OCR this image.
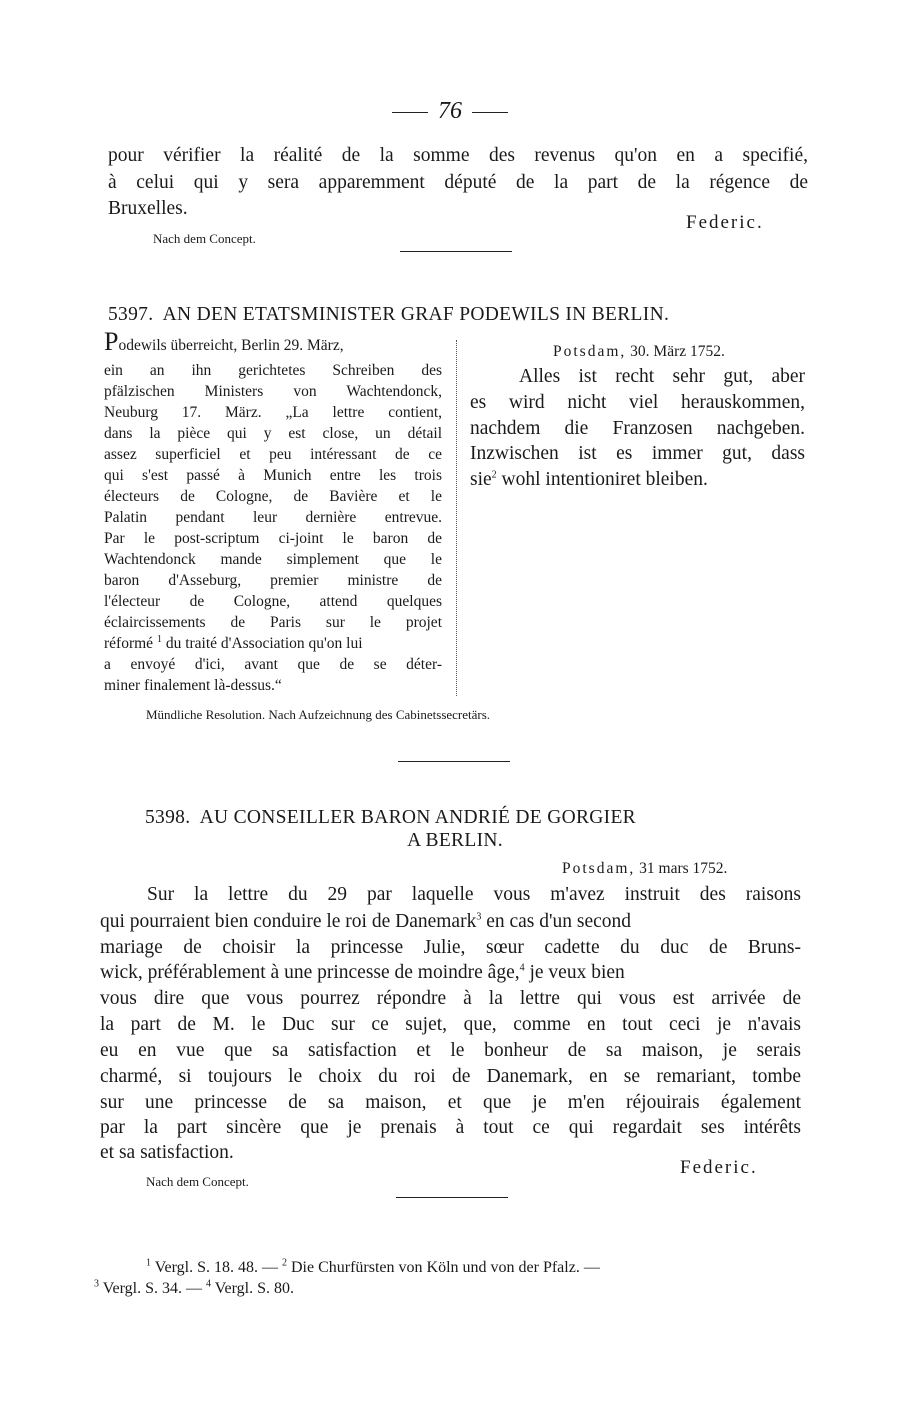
76
pour vérifier la réalité de la somme des revenus qu'on en a specifié,
à celui qui y sera apparemment député de la part de la régence de
Bruxelles.
Federic.
Nach dem Concept.
5397. AN DEN ETATSMINISTER GRAF PODEWILS IN BERLIN.
Podewils überreicht, Berlin 29. März,
ein an ihn gerichtetes Schreiben des
pfälzischen Ministers von Wachtendonck,
Neuburg 17. März. „La lettre contient,
dans la pièce qui y est close, un détail
assez superficiel et peu intéressant de ce
qui s'est passé à Munich entre les trois
électeurs de Cologne, de Bavière et le
Palatin pendant leur dernière entrevue.
Par le post-scriptum ci-joint le baron de
Wachtendonck mande simplement que le
baron d'Asseburg, premier ministre de
l'électeur de Cologne, attend quelques
éclaircissements de Paris sur le projet
réformé $^1$ du traité d'Association qu'on lui
a envoyé d'ici, avant que de se déter-
miner finalement là-dessus.“
Potsdam, 30. März 1752.
Alles ist recht sehr gut, aber
es wird nicht viel herauskommen,
nachdem die Franzosen nachgeben.
Inzwischen ist es immer gut, dass
sie$^2$ wohl intentioniret bleiben.
Mündliche Resolution. Nach Aufzeichnung des Cabinetssecretärs.
5398. AU CONSEILLER BARON ANDRIÉ DE GORGIER
A BERLIN.
Potsdam, 31 mars 1752.
Sur la lettre du 29 par laquelle vous m'avez instruit des raisons
qui pourraient bien conduire le roi de Danemark$^3$ en cas d'un second
mariage de choisir la princesse Julie, sœur cadette du duc de Bruns-
wick, préférablement à une princesse de moindre âge,$^4$ je veux bien
vous dire que vous pourrez répondre à la lettre qui vous est arrivée de
la part de M. le Duc sur ce sujet, que, comme en tout ceci je n'avais
eu en vue que sa satisfaction et le bonheur de sa maison, je serais
charmé, si toujours le choix du roi de Danemark, en se remariant, tombe
sur une princesse de sa maison, et que je m'en réjouirais également
par la part sincère que je prenais à tout ce qui regardait ses intérêts
et sa satisfaction.
Federic.
Nach dem Concept.
$^1$ Vergl. S. 18. 48. — $^2$ Die Churfürsten von Köln und von der Pfalz. —
$^3$ Vergl. S. 34. — $^4$ Vergl. S. 80.
